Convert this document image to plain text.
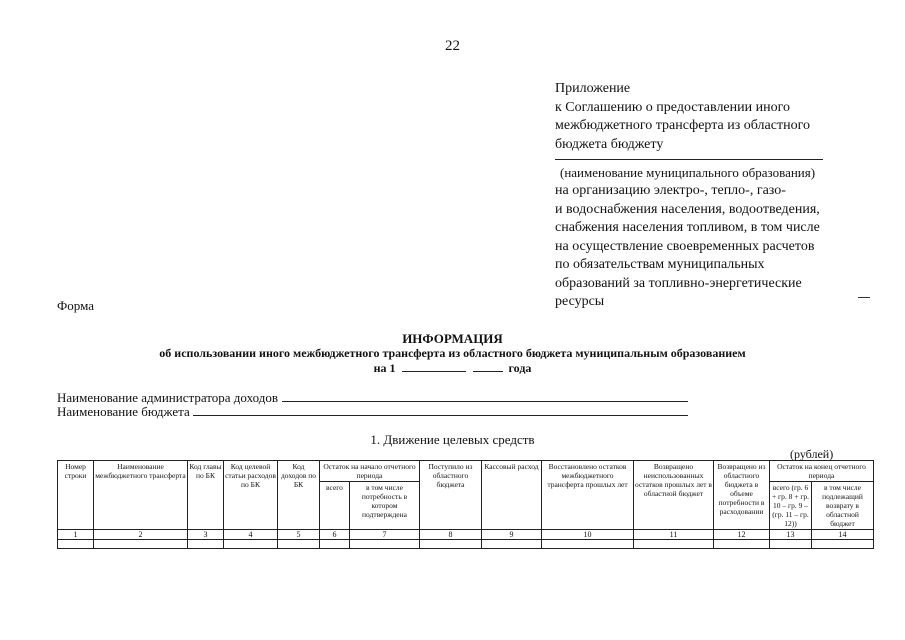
22
Приложение
к Соглашению о предоставлении иного
межбюджетного трансферта из областного
бюджета бюджету
(наименование муниципального образования)
на организацию электро-, тепло-, газо-
и водоснабжения населения, водоотведения,
снабжения населения топливом, в том числе
на осуществление своевременных расчетов
по обязательствам муниципальных
образований за топливно-энергетические
ресурсы
Форма
ИНФОРМАЦИЯ
об использовании иного межбюджетного трансферта из областного бюджета муниципальным образованием
на 1	года
Наименование администратора доходов
Наименование бюджета
1. Движение целевых средств
(рублей)
Номер строки	Наименование межбюджетного трансферта	Код главы по БК	Код целевой статьи расходов по БК	Код доходов по БК	Остаток на начало отчетного периода		Поступило из областного бюджета	Кассовый расход	Восстановлено остатков межбюджетного трансферта прошлых лет	Возвращено неиспользованных остатков прошлых лет в областной бюджет	Возвращено из областного бюджета в объеме потребности в расходовании	Остаток на конец отчетного периода	
					всего	в том числе потребность в котором подтверждена						всего (гр. 6 + гр. 8 + гр. 10 – гр. 9 – (гр. 11 – гр. 12))	в том числе подлежащий возврату в областной бюджет
1	2	3	4	5	6	7	8	9	10	11	12	13	14
